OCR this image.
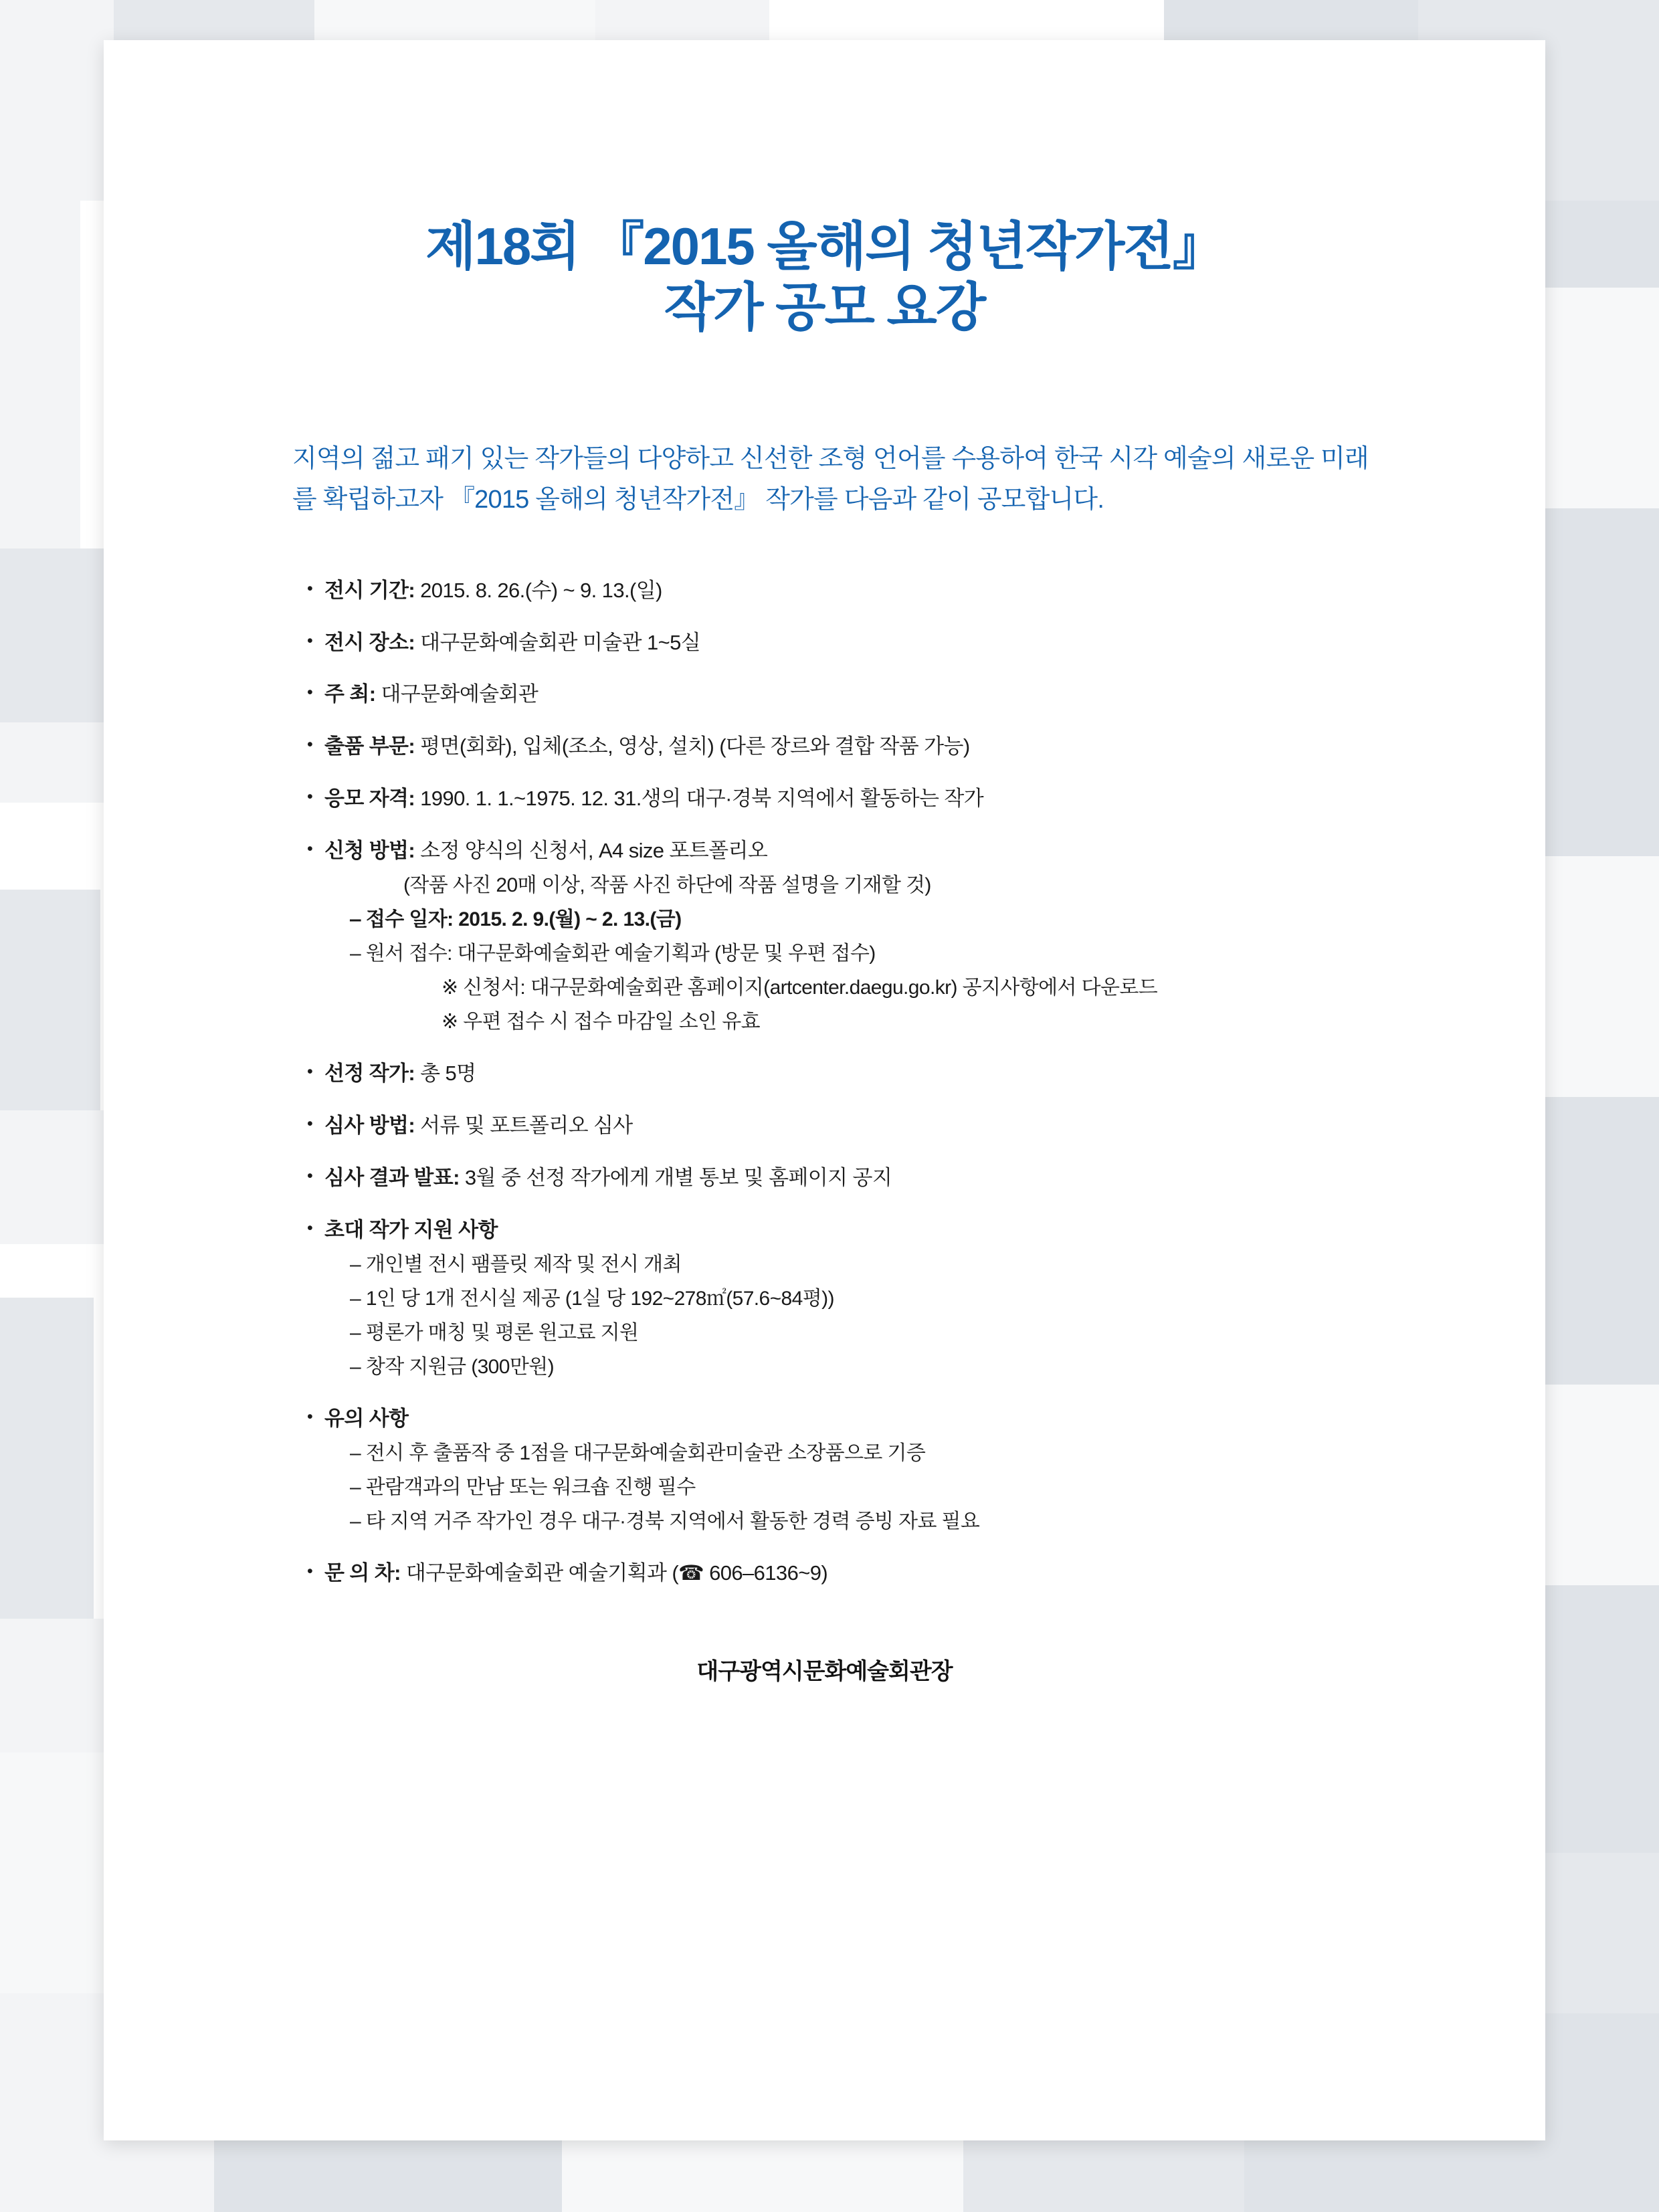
제18회 『2015 올해의 청년작가전』
작가 공모 요강
지역의 젊고 패기 있는 작가들의 다양하고 신선한 조형 언어를 수용하여 한국 시각 예술의 새로운 미래를 확립하고자 『2015 올해의 청년작가전』 작가를 다음과 같이 공모합니다.
• 전시 기간: 2015. 8. 26.(수) ~ 9. 13.(일)
• 전시 장소: 대구문화예술회관 미술관 1~5실
• 주 최: 대구문화예술회관
• 출품 부문: 평면(회화), 입체(조소, 영상, 설치) (다른 장르와 결합 작품 가능)
• 응모 자격: 1990. 1. 1.~1975. 12. 31.생의 대구·경북 지역에서 활동하는 작가
• 신청 방법: 소정 양식의 신청서, A4 size 포트폴리오
(작품 사진 20매 이상, 작품 사진 하단에 작품 설명을 기재할 것)
‒ 접수 일자: 2015. 2. 9.(월) ~ 2. 13.(금)
‒ 원서 접수: 대구문화예술회관 예술기획과 (방문 및 우편 접수)
※ 신청서: 대구문화예술회관 홈페이지(artcenter.daegu.go.kr) 공지사항에서 다운로드
※ 우편 접수 시 접수 마감일 소인 유효
• 선정 작가: 총 5명
• 심사 방법: 서류 및 포트폴리오 심사
• 심사 결과 발표: 3월 중 선정 작가에게 개별 통보 및 홈페이지 공지
• 초대 작가 지원 사항
‒ 개인별 전시 팸플릿 제작 및 전시 개최
‒ 1인 당 1개 전시실 제공 (1실 당 192~278㎡(57.6~84평))
‒ 평론가 매칭 및 평론 원고료 지원
‒ 창작 지원금 (300만원)
• 유의 사항
‒ 전시 후 출품작 중 1점을 대구문화예술회관미술관 소장품으로 기증
‒ 관람객과의 만남 또는 워크숍 진행 필수
‒ 타 지역 거주 작가인 경우 대구·경북 지역에서 활동한 경력 증빙 자료 필요
• 문 의 차: 대구문화예술회관 예술기획과 (☎ 606‒6136~9)
대구광역시문화예술회관장
